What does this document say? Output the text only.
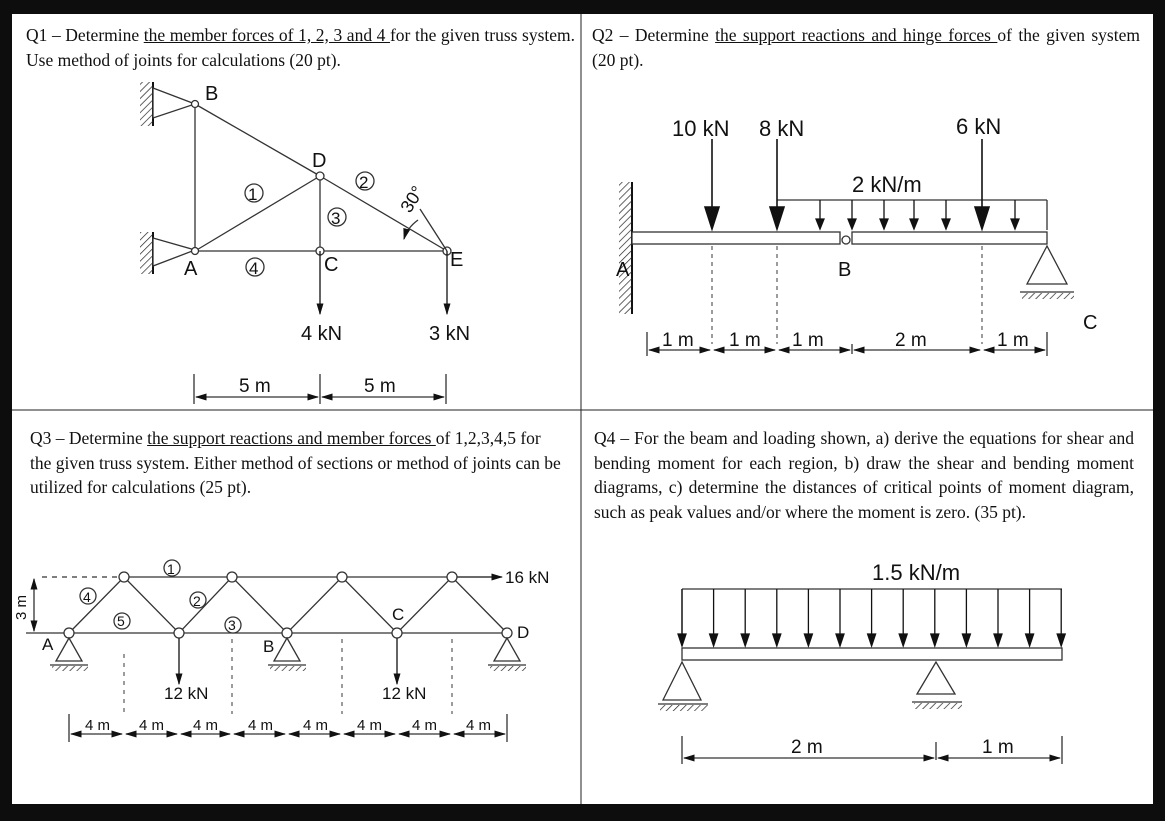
Q1 – Determine the member forces of 1, 2, 3 and 4 for the given truss system. Use method of joints for calculations (20 pt).

Q2 – Determine the support reactions and hinge forces of the given system (20 pt).

Q3 – Determine the support reactions and member forces of 1,2,3,4,5 for the given truss system. Either method of sections or method of joints can be utilized for calculations (25 pt).

Q4 – For the beam and loading shown, a) derive the equations for shear and bending moment for each region, b) draw the shear and bending moment diagrams, c) determine the distances of critical points of moment diagram, such as peak values and/or where the moment is zero. (35 pt).

B
D
A	C	E
1
2
3
4
30°
4 kN	3 kN
5 m	5 m
10 kN 8 kN	6 kN
2 kN/m
A	B
C
1 m 1 m 1 m	2 m	1 m
1
2
3
4
5
A	B
C
D
16 kN
12 kN	12 kN
3 m
4 m 4 m 4 m 4 m 4 m 4 m 4 m 4 m
1.5 kN/m
2 m	1 m
